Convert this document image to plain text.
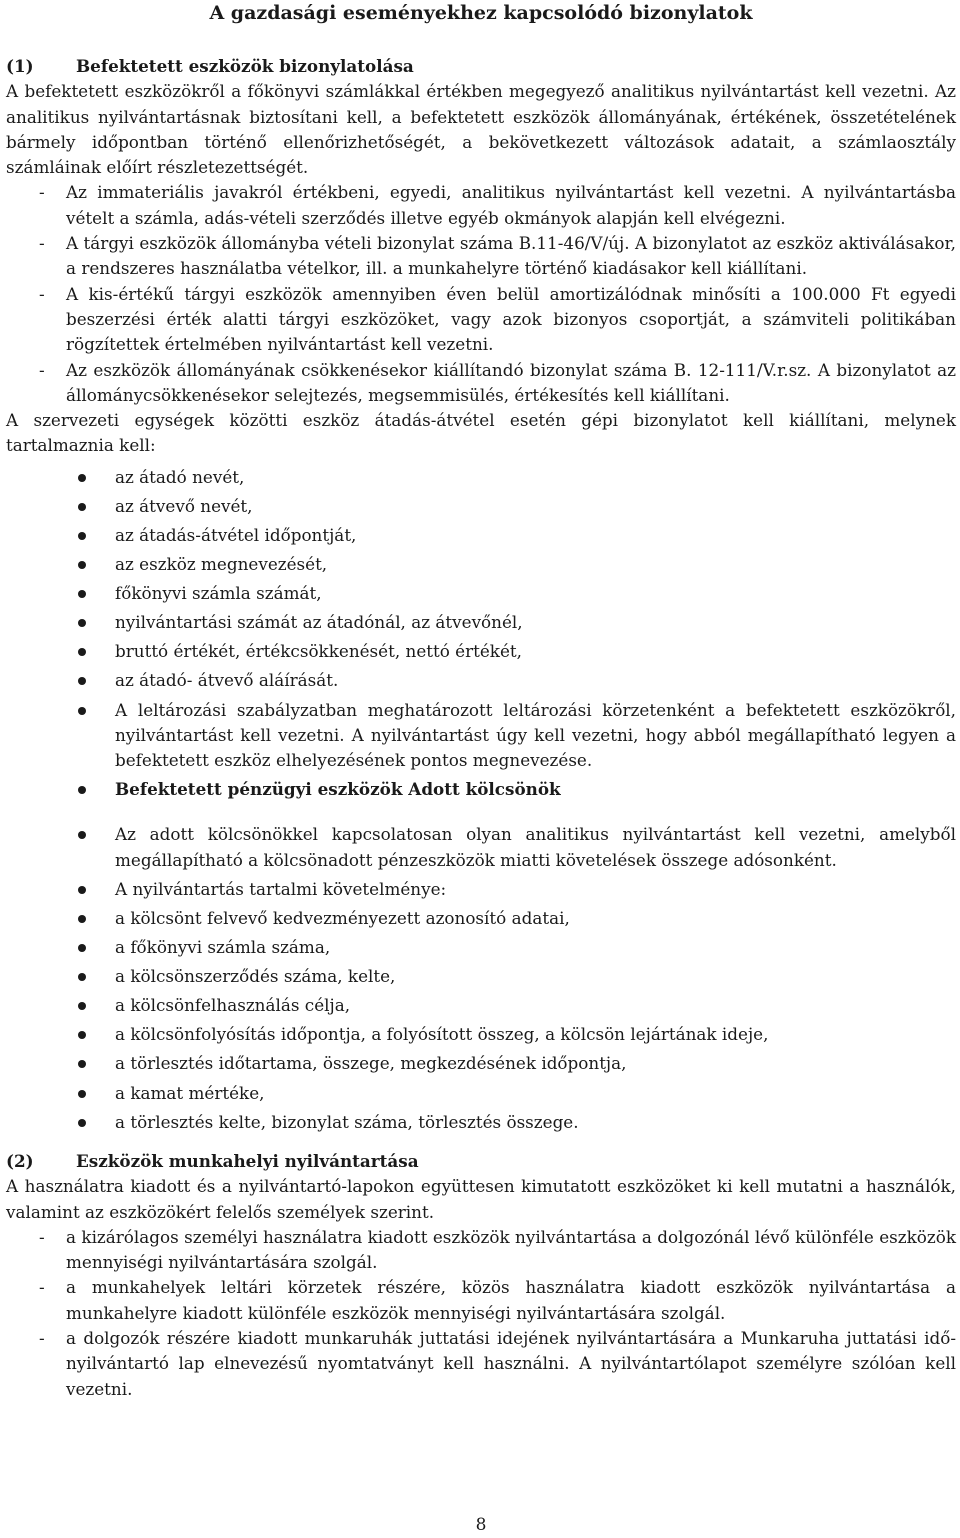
A gazdasági eseményekhez kapcsolódó bizonylatok
(1)	Befektetett eszközök bizonylatolása

A befektetett eszközökről a főkönyvi számlákkal értékben megegyező analitikus nyilvántartást kell vezetni. Az analitikus nyilvántartásnak biztosítani kell, a befektetett eszközök állományának, értékének, összetételének bármely időpontban történő ellenőrizhetőségét, a bekövetkezett változások adatait, a számlaosztály számláinak előírt részletezettségét.

- Az immateriális javakról értékbeni, egyedi, analitikus nyilvántartást kell vezetni. A nyilvántartásba vételt a számla, adás-vételi szerződés illetve egyéb okmányok alapján kell elvégezni.
- A tárgyi eszközök állományba vételi bizonylat száma B.11-46/V/új. A bizonylatot az eszköz aktiválásakor, a rendszeres használatba vételkor, ill. a munkahelyre történő kiadásakor kell kiállítani.
- A kis-értékű tárgyi eszközök amennyiben éven belül amortizálódnak minősíti a 100.000 Ft egyedi beszerzési érték alatti tárgyi eszközöket, vagy azok bizonyos csoportját, a számviteli politikában rögzítettek értelmében nyilvántartást kell vezetni.
- Az eszközök állományának csökkenésekor kiállítandó bizonylat száma B. 12-111/V.r.sz. A bizonylatot az állománycsökkenésekor selejtezés, megsemmisülés, értékesítés kell kiállítani.

A szervezeti egységek közötti eszköz átadás-átvétel esetén gépi bizonylatot kell kiállítani, melynek tartalmaznia kell:

az átadó nevét,
az átvevő nevét,
az átadás-átvétel időpontját,
az eszköz megnevezését,
főkönyvi számla számát,
nyilvántartási számát az átadónál, az átvevőnél,
bruttó értékét, értékcsökkenését, nettó értékét,
az átadó- átvevő aláírását.
A leltározási szabályzatban meghatározott leltározási körzetenként a befektetett eszközökről, nyilvántartást kell vezetni. A nyilvántartást úgy kell vezetni, hogy abból megállapítható legyen a befektetett eszköz elhelyezésének pontos megnevezése.
Befektetett pénzügyi eszközök Adott kölcsönök
Az adott kölcsönökkel kapcsolatosan olyan analitikus nyilvántartást kell vezetni, amelyből megállapítható a kölcsönadott pénzeszközök miatti követelések összege adósonként.
A nyilvántartás tartalmi követelménye:
a kölcsönt felvevő kedvezményezett azonosító adatai,
a főkönyvi számla száma,
a kölcsönszerződés száma, kelte,
a kölcsönfelhasználás célja,
a kölcsönfolyósítás időpontja, a folyósított összeg, a kölcsön lejártának ideje,
a törlesztés időtartama, összege, megkezdésének időpontja,
a kamat mértéke,
a törlesztés kelte, bizonylat száma, törlesztés összege.
(2)	Eszközök munkahelyi nyilvántartása

A használatra kiadott és a nyilvántartó-lapokon együttesen kimutatott eszközöket ki kell mutatni a használók, valamint az eszközökért felelős személyek szerint.

- a kizárólagos személyi használatra kiadott eszközök nyilvántartása a dolgozónál lévő különféle eszközök mennyiségi nyilvántartására szolgál.
- a munkahelyek leltári körzetek részére, közös használatra kiadott eszközök nyilvántartása a munkahelyre kiadott különféle eszközök mennyiségi nyilvántartására szolgál.
- a dolgozók részére kiadott munkaruhák juttatási idejének nyilvántartására a Munkaruha juttatási idő-nyilvántartó lap elnevezésű nyomtatványt kell használni. A nyilvántartólapot személyre szólóan kell vezetni.
8
